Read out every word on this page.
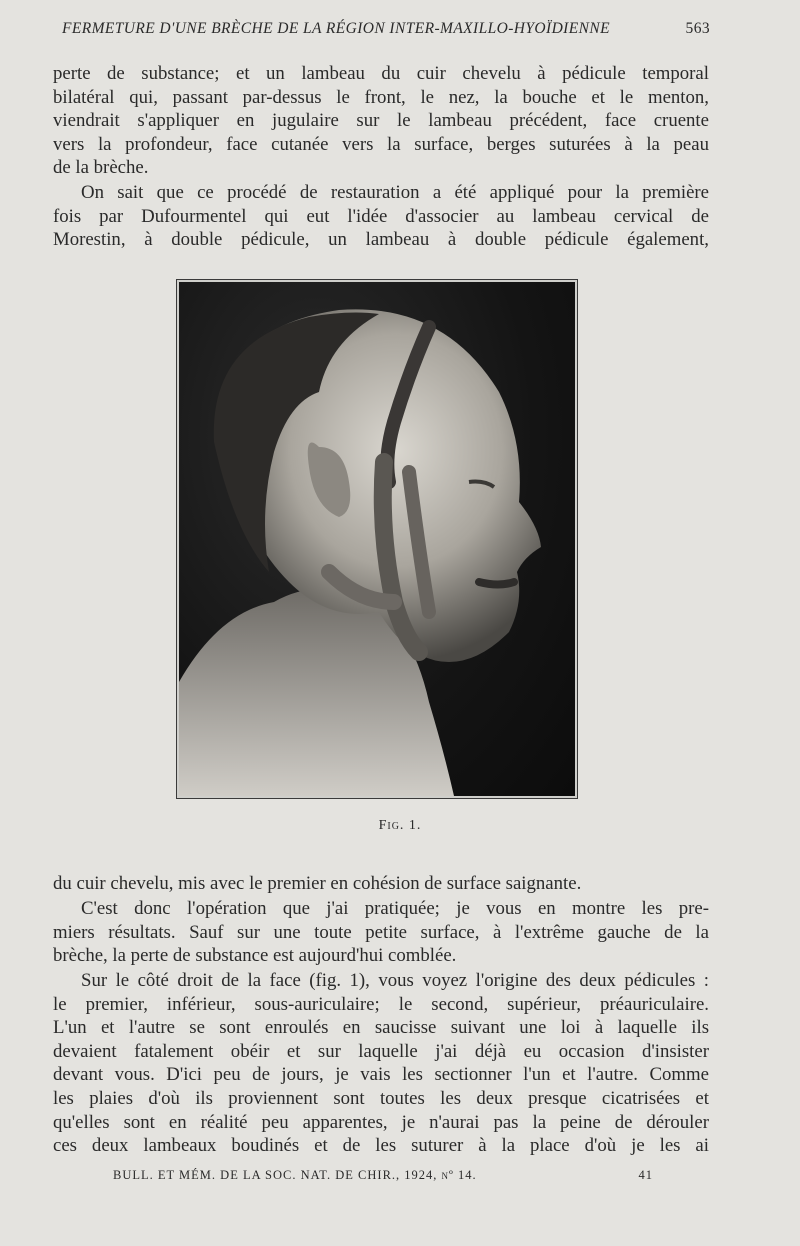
FERMETURE D'UNE BRÈCHE DE LA RÉGION INTER-MAXILLO-HYOÏDIENNE	563
perte de substance; et un lambeau du cuir chevelu à pédicule temporal
bilatéral qui, passant par-dessus le front, le nez, la bouche et le menton,
viendrait s'appliquer en jugulaire sur le lambeau précédent, face cruente
vers la profondeur, face cutanée vers la surface, berges suturées à la peau
de la brèche.
On sait que ce procédé de restauration a été appliqué pour la première
fois par Dufourmentel qui eut l'idée d'associer au lambeau cervical de
Morestin, à double pédicule, un lambeau à double pédicule également,
Fig. 1.
du cuir chevelu, mis avec le premier en cohésion de surface saignante.
C'est donc l'opération que j'ai pratiquée; je vous en montre les pre-
miers résultats. Sauf sur une toute petite surface, à l'extrême gauche de la
brèche, la perte de substance est aujourd'hui comblée.
Sur le côté droit de la face (fig. 1), vous voyez l'origine des deux pédicules :
le premier, inférieur, sous-auriculaire; le second, supérieur, préauriculaire.
L'un et l'autre se sont enroulés en saucisse suivant une loi à laquelle ils
devaient fatalement obéir et sur laquelle j'ai déjà eu occasion d'insister
devant vous. D'ici peu de jours, je vais les sectionner l'un et l'autre. Comme
les plaies d'où ils proviennent sont toutes les deux presque cicatrisées et
qu'elles sont en réalité peu apparentes, je n'aurai pas la peine de dérouler
ces deux lambeaux boudinés et de les suturer à la place d'où je les ai
BULL. ET MÉM. DE LA SOC. NAT. DE CHIR., 1924, nº 14.	41
